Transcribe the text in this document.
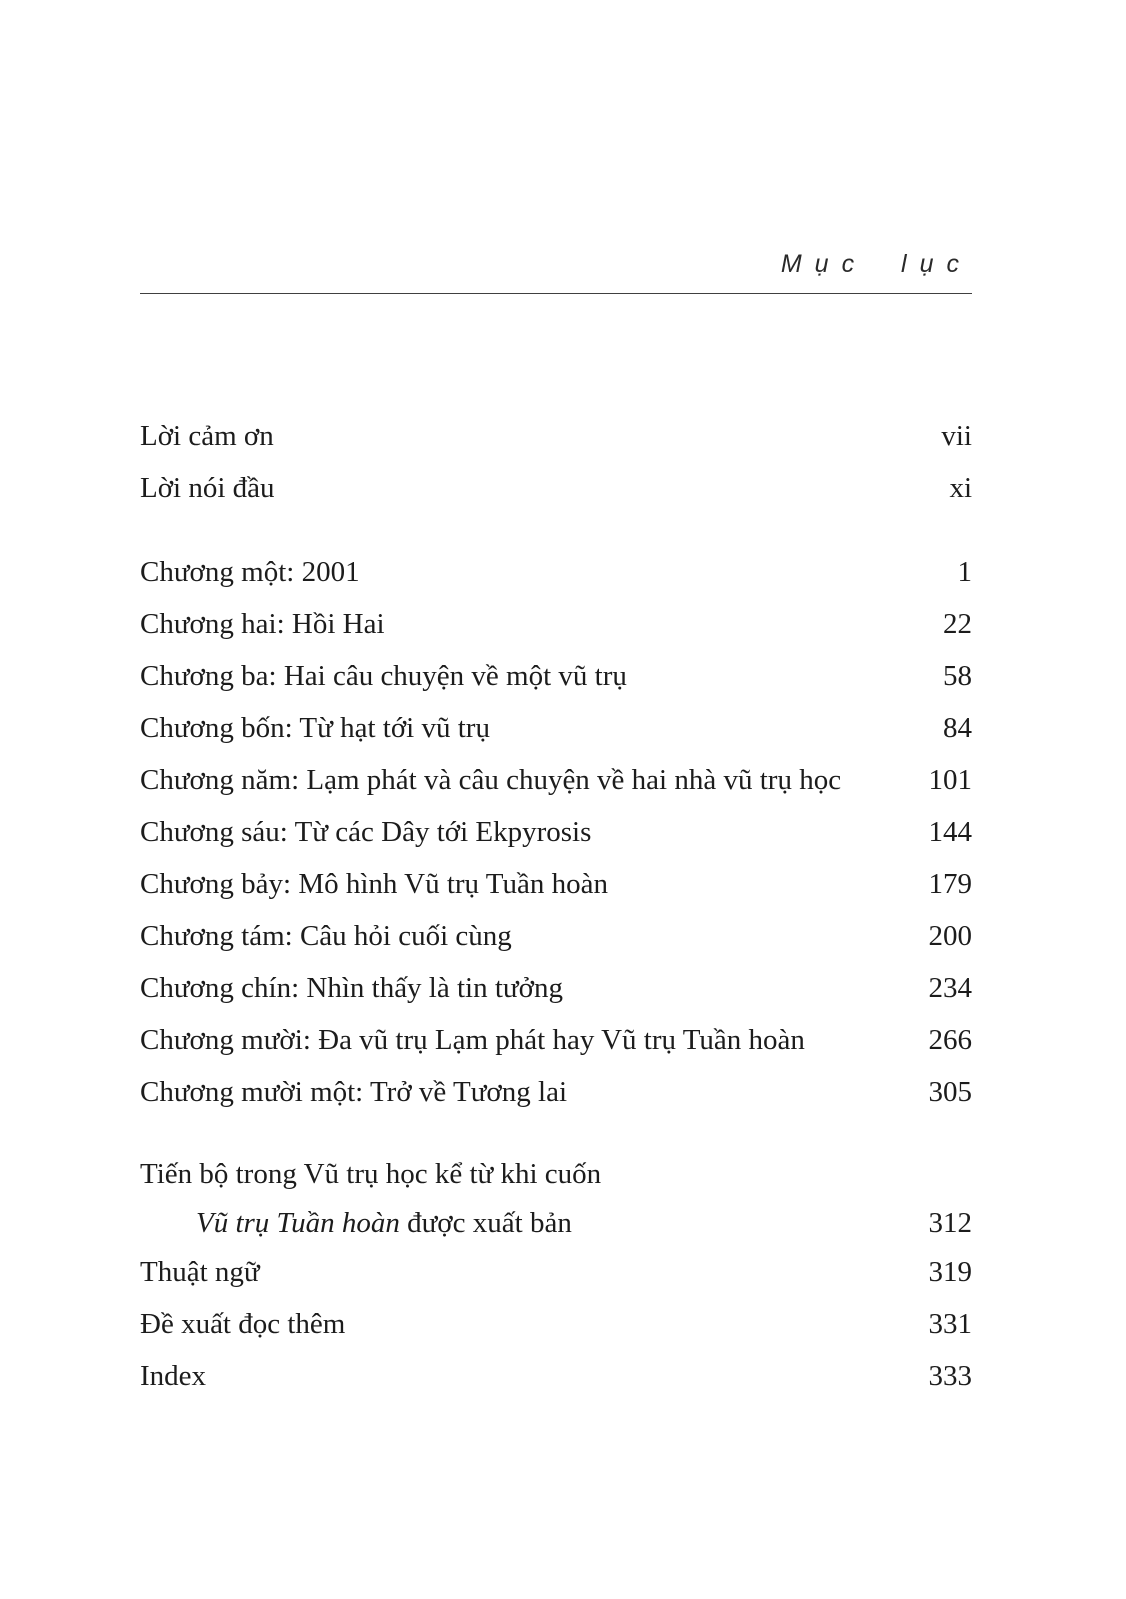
Mục lục
Lời cảm ơn	vii
Lời nói đầu	xi
Chương một: 2001	1
Chương hai: Hồi Hai	22
Chương ba: Hai câu chuyện về một vũ trụ	58
Chương bốn: Từ hạt tới vũ trụ	84
Chương năm: Lạm phát và câu chuyện về hai nhà vũ trụ học	101
Chương sáu: Từ các Dây tới Ekpyrosis	144
Chương bảy: Mô hình Vũ trụ Tuần hoàn	179
Chương tám: Câu hỏi cuối cùng	200
Chương chín: Nhìn thấy là tin tưởng	234
Chương mười: Đa vũ trụ Lạm phát hay Vũ trụ Tuần hoàn	266
Chương mười một: Trở về Tương lai	305
Tiến bộ trong Vũ trụ học kể từ khi cuốn
Vũ trụ Tuần hoàn được xuất bản	312
Thuật ngữ	319
Đề xuất đọc thêm	331
Index	333
